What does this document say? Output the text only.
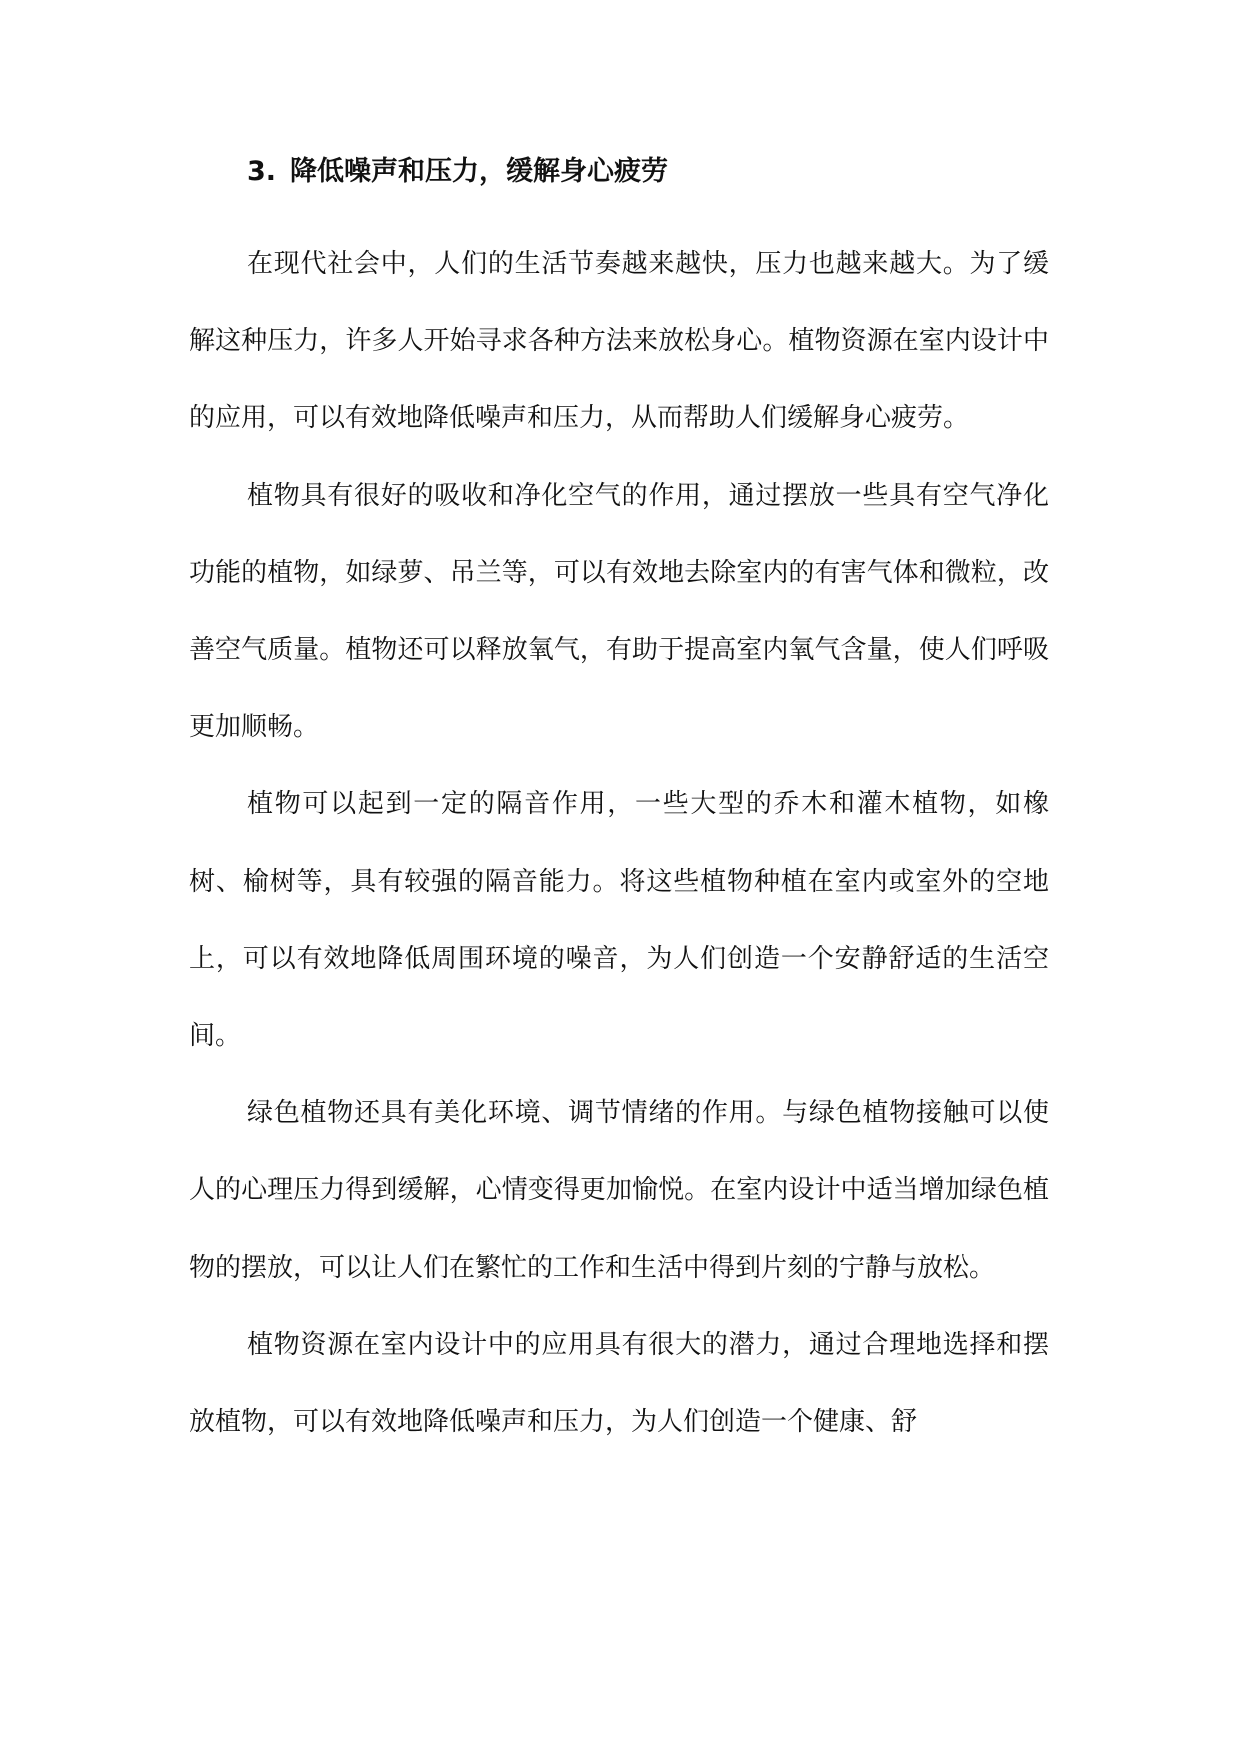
3. 降低噪声和压力，缓解身心疲劳

在现代社会中，人们的生活节奏越来越快，压力也越来越大。为了缓解这种压力，许多人开始寻求各种方法来放松身心。植物资源在室内设计中的应用，可以有效地降低噪声和压力，从而帮助人们缓解身心疲劳。

植物具有很好的吸收和净化空气的作用，通过摆放一些具有空气净化功能的植物，如绿萝、吊兰等，可以有效地去除室内的有害气体和微粒，改善空气质量。植物还可以释放氧气，有助于提高室内氧气含量，使人们呼吸更加顺畅。

植物可以起到一定的隔音作用，一些大型的乔木和灌木植物，如橡树、榆树等，具有较强的隔音能力。将这些植物种植在室内或室外的空地上，可以有效地降低周围环境的噪音，为人们创造一个安静舒适的生活空间。

绿色植物还具有美化环境、调节情绪的作用。与绿色植物接触可以使人的心理压力得到缓解，心情变得更加愉悦。在室内设计中适当增加绿色植物的摆放，可以让人们在繁忙的工作和生活中得到片刻的宁静与放松。

植物资源在室内设计中的应用具有很大的潜力，通过合理地选择和摆放植物，可以有效地降低噪声和压力，为人们创造一个健康、舒
